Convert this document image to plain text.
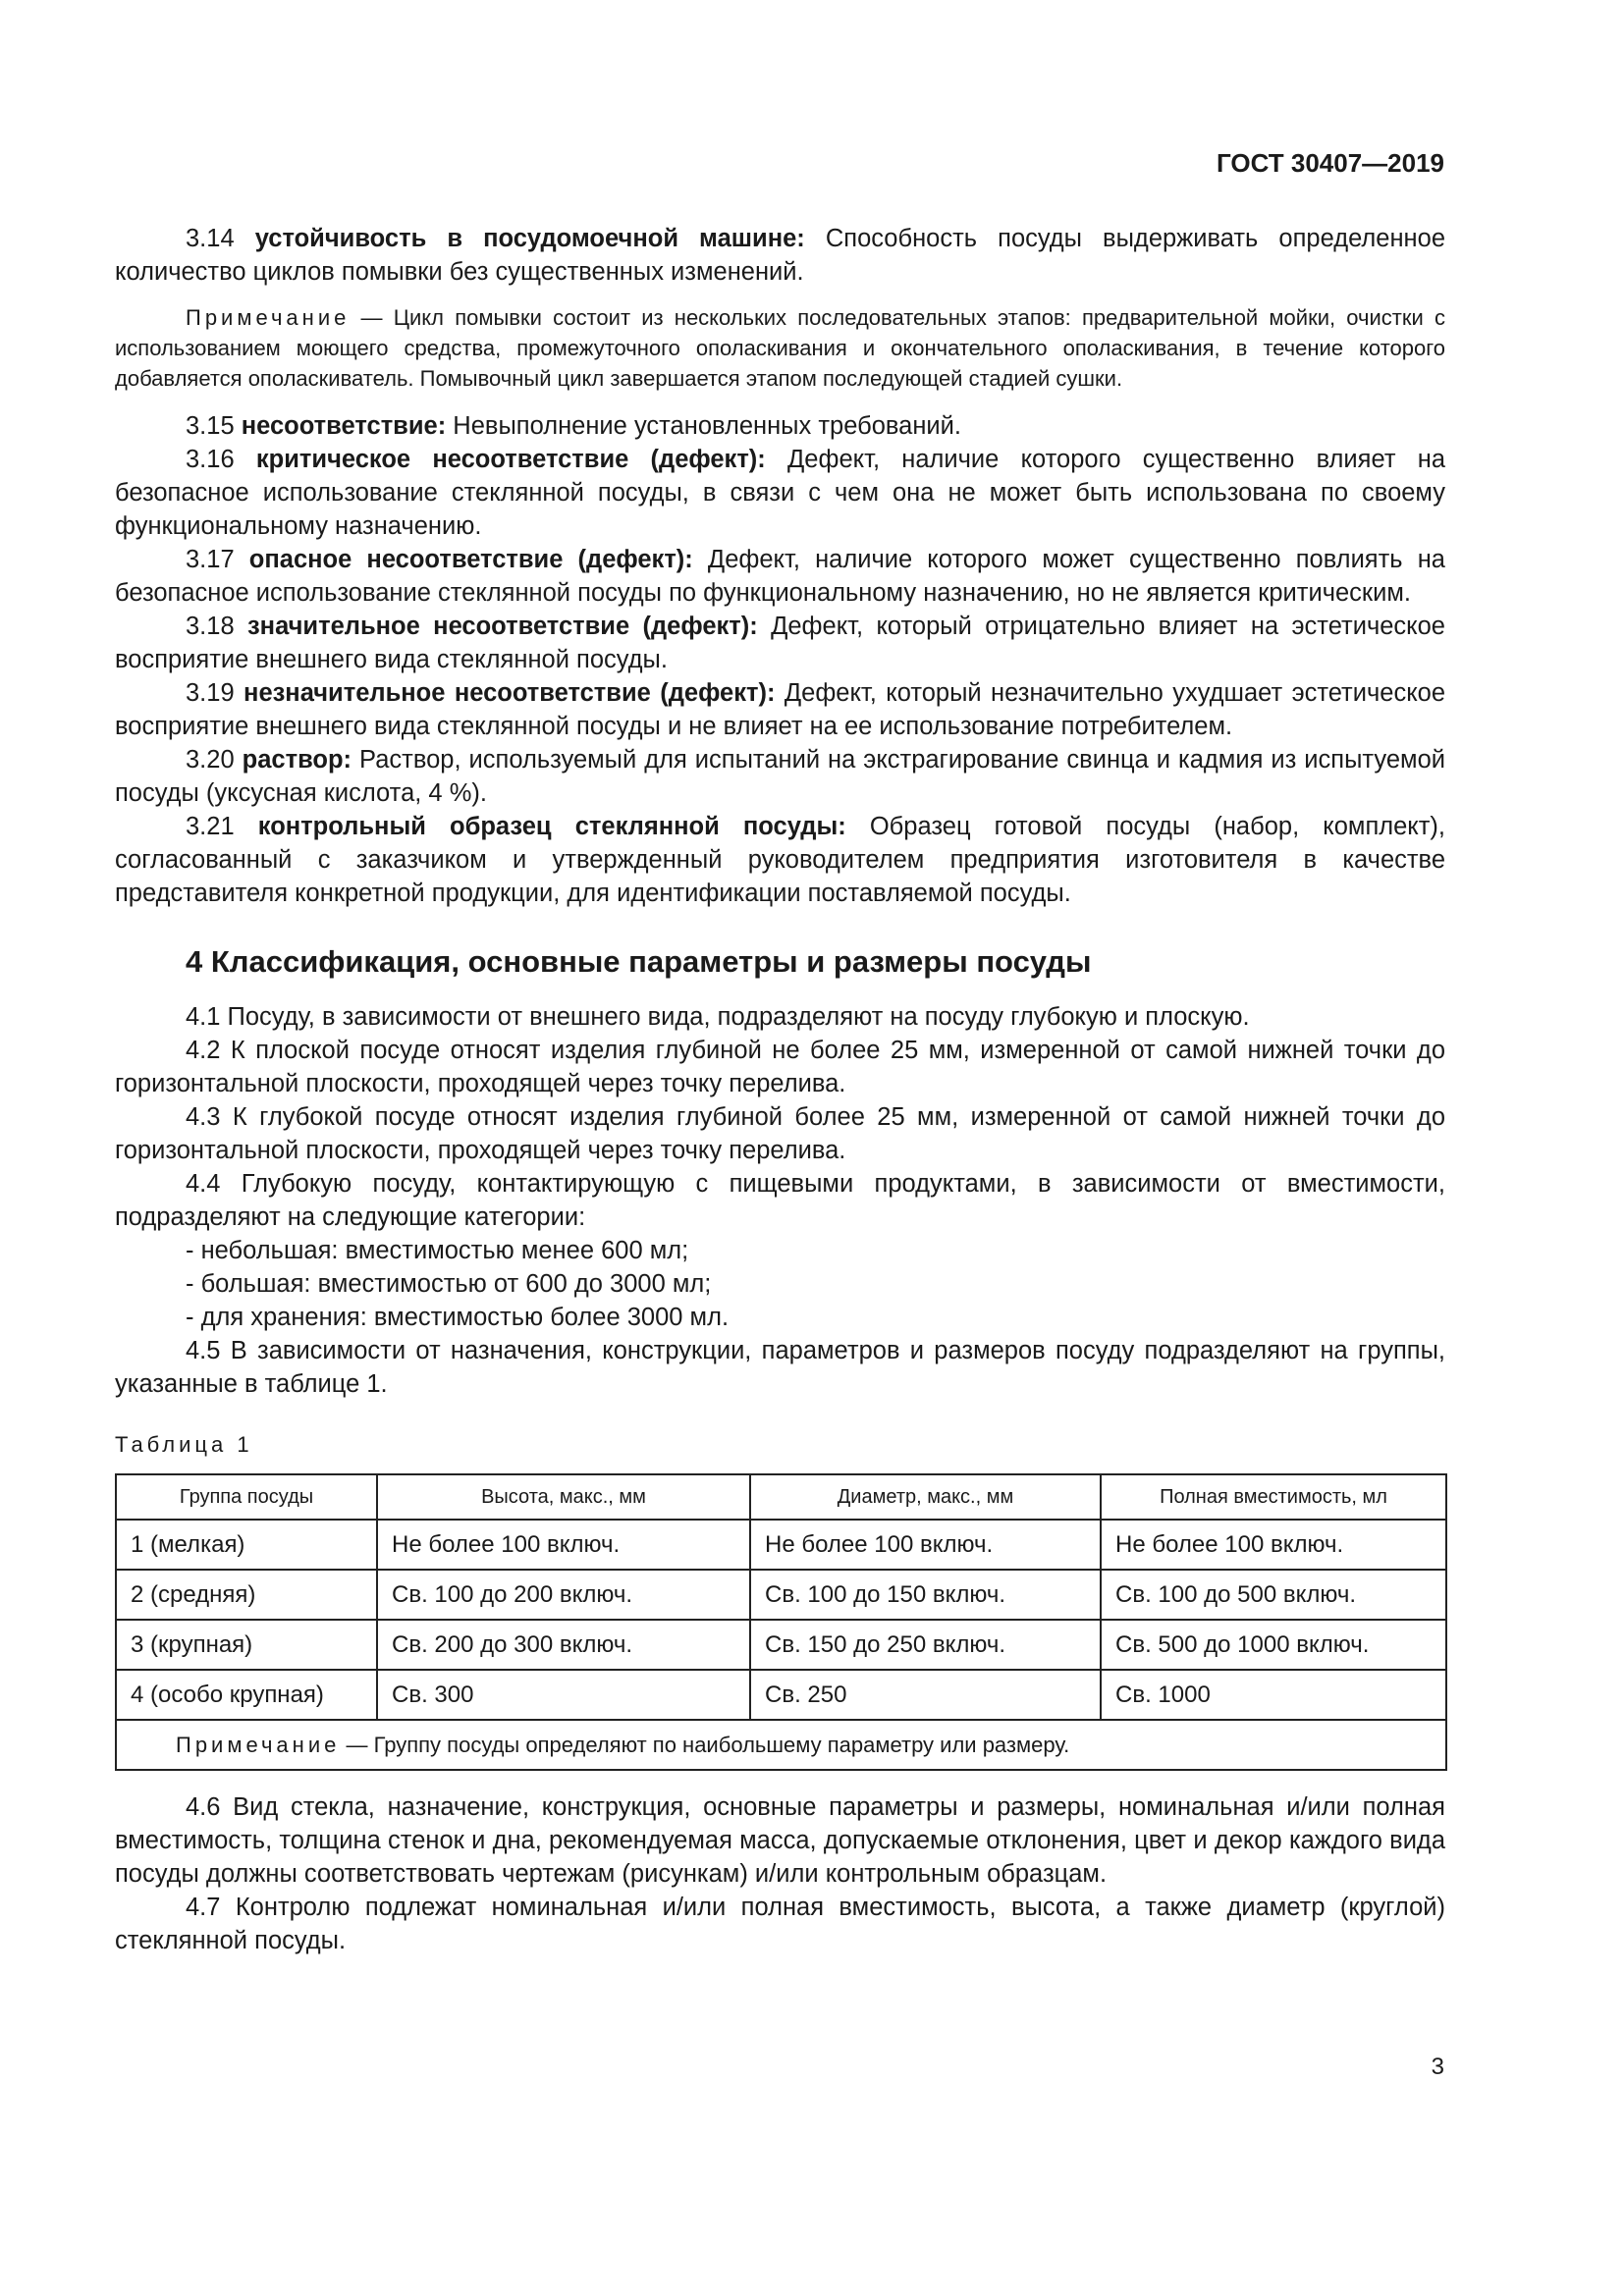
ГОСТ 30407—2019

3.14 устойчивость в посудомоечной машине: Способность посуды выдерживать определенное количество циклов помывки без существенных изменений.

Примечание — Цикл помывки состоит из нескольких последовательных этапов: предварительной мойки, очистки с использованием моющего средства, промежуточного ополаскивания и окончательного ополаскивания, в течение которого добавляется ополаскиватель. Помывочный цикл завершается этапом последующей стадией сушки.

3.15 несоответствие: Невыполнение установленных требований.

3.16 критическое несоответствие (дефект): Дефект, наличие которого существенно влияет на безопасное использование стеклянной посуды, в связи с чем она не может быть использована по своему функциональному назначению.

3.17 опасное несоответствие (дефект): Дефект, наличие которого может существенно повлиять на безопасное использование стеклянной посуды по функциональному назначению, но не является критическим.

3.18 значительное несоответствие (дефект): Дефект, который отрицательно влияет на эстетическое восприятие внешнего вида стеклянной посуды.

3.19 незначительное несоответствие (дефект): Дефект, который незначительно ухудшает эстетическое восприятие внешнего вида стеклянной посуды и не влияет на ее использование потребителем.

3.20 раствор: Раствор, используемый для испытаний на экстрагирование свинца и кадмия из испытуемой посуды (уксусная кислота, 4 %).

3.21 контрольный образец стеклянной посуды: Образец готовой посуды (набор, комплект), согласованный с заказчиком и утвержденный руководителем предприятия изготовителя в качестве представителя конкретной продукции, для идентификации поставляемой посуды.

4 Классификация, основные параметры и размеры посуды

4.1 Посуду, в зависимости от внешнего вида, подразделяют на посуду глубокую и плоскую.

4.2 К плоской посуде относят изделия глубиной не более 25 мм, измеренной от самой нижней точки до горизонтальной плоскости, проходящей через точку перелива.

4.3 К глубокой посуде относят изделия глубиной более 25 мм, измеренной от самой нижней точки до горизонтальной плоскости, проходящей через точку перелива.

4.4 Глубокую посуду, контактирующую с пищевыми продуктами, в зависимости от вместимости, подразделяют на следующие категории:

- небольшая: вместимостью менее 600 мл;

- большая: вместимостью от 600 до 3000 мл;

- для хранения: вместимостью более 3000 мл.

4.5 В зависимости от назначения, конструкции, параметров и размеров посуду подразделяют на группы, указанные в таблице 1.

Таблица 1
Группа посуды	Высота, макс., мм	Диаметр, макс., мм	Полная вместимость, мл
1 (мелкая)	Не более 100 включ.	Не более 100 включ.	Не более 100 включ.
2 (средняя)	Св. 100 до 200 включ.	Св. 100 до 150 включ.	Св. 100 до 500 включ.
3 (крупная)	Св. 200 до 300 включ.	Св. 150 до 250 включ.	Св. 500 до 1000 включ.
4 (особо крупная)	Св. 300	Св. 250	Св. 1000
Примечание — Группу посуды определяют по наибольшему параметру или размеру.			

4.6 Вид стекла, назначение, конструкция, основные параметры и размеры, номинальная и/или полная вместимость, толщина стенок и дна, рекомендуемая масса, допускаемые отклонения, цвет и декор каждого вида посуды должны соответствовать чертежам (рисункам) и/или контрольным образцам.

4.7 Контролю подлежат номинальная и/или полная вместимость, высота, а также диаметр (круглой) стеклянной посуды.

3
